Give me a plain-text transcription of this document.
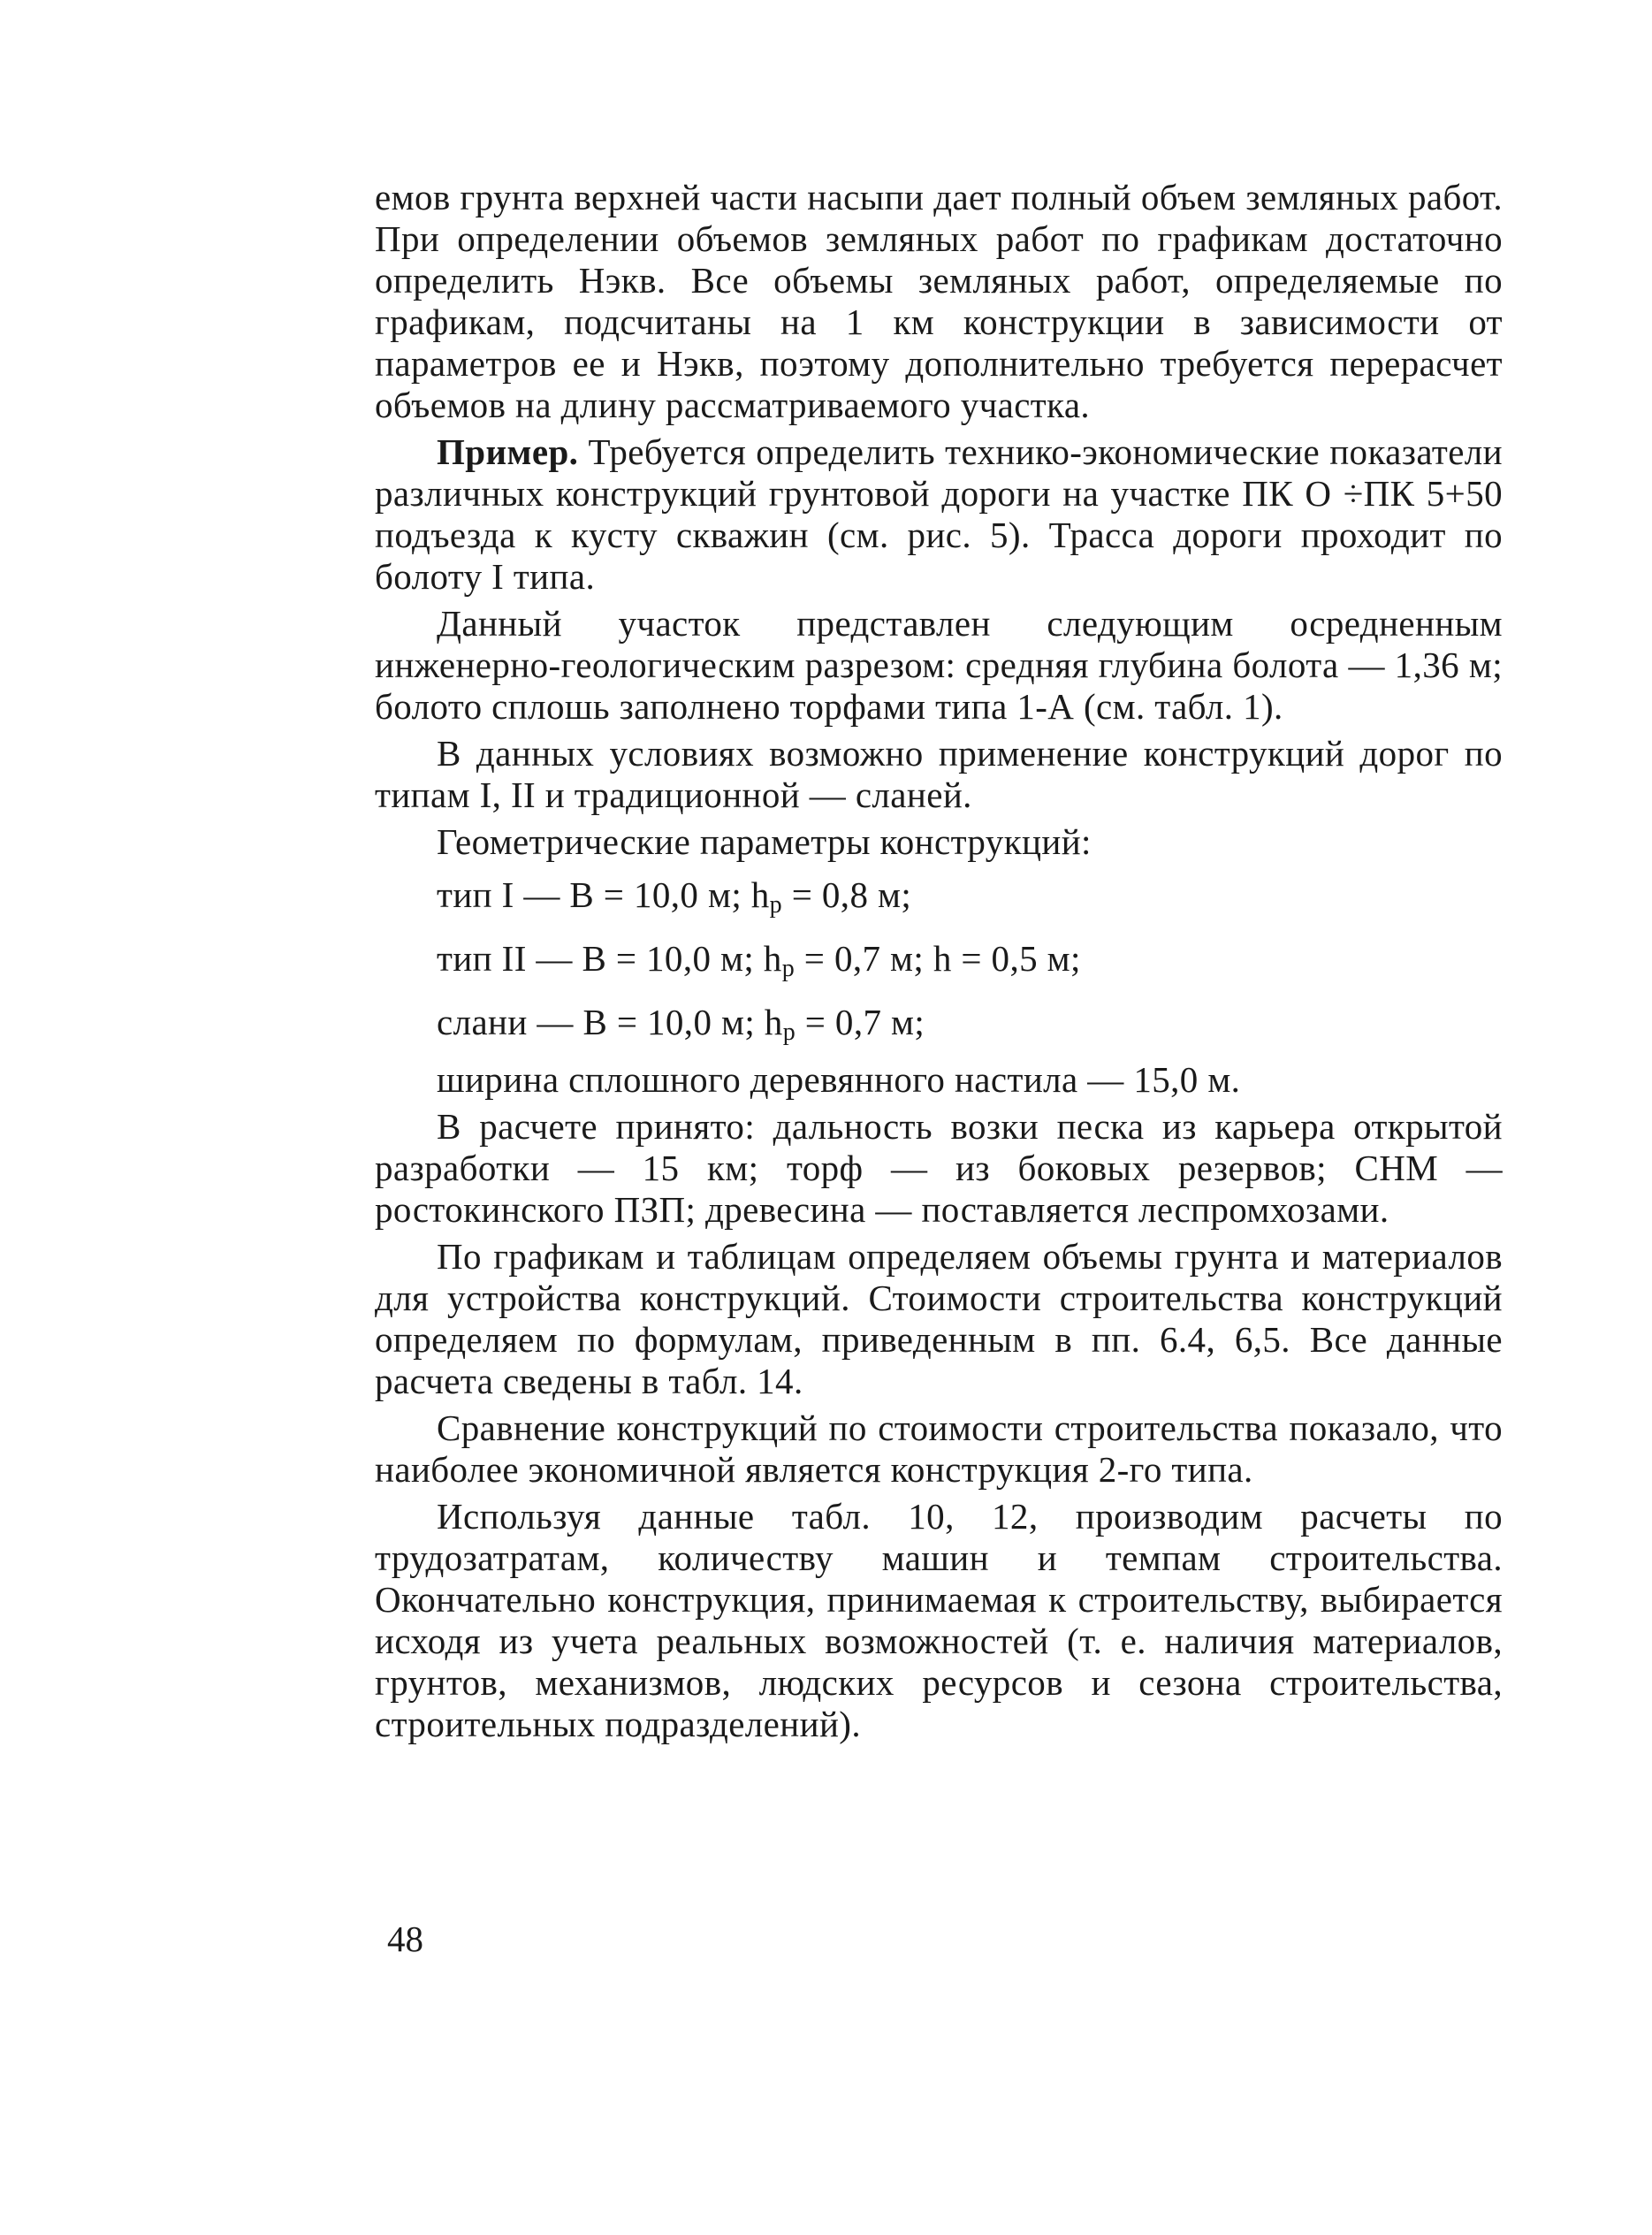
емов грунта верхней части насыпи дает полный объем земляных работ. При определении объемов земляных работ по графикам достаточно определить Нэкв. Все объемы земляных работ, определяемые по графикам, подсчитаны на 1 км конструкции в зависимости от параметров ее и Нэкв, поэтому дополнительно требуется перерасчет объемов на длину рассматриваемого участка.

Пример. Требуется определить технико-экономические показатели различных конструкций грунтовой дороги на участке ПК О ÷ПК 5+50 подъезда к кусту скважин (см. рис. 5). Трасса дороги проходит по болоту I типа.

Данный участок представлен следующим осредненным инженерно-геологическим разрезом: средняя глубина болота — 1,36 м; болото сплошь заполнено торфами типа 1-А (см. табл. 1).

В данных условиях возможно применение конструкций дорог по типам I, II и традиционной — сланей.

Геометрические параметры конструкций:

тип I — В = 10,0 м; $h_р = 0,8$ м;
тип II — В = 10,0 м; $h_р = 0,7$ м; h = 0,5 м;
слани — В = 10,0 м; $h_р = 0,7$ м;

ширина сплошного деревянного настила — 15,0 м.

В расчете принято: дальность возки песка из карьера открытой разработки — 15 км; торф — из боковых резервов; СНМ — ростокинского ПЗП; древесина — поставляется леспромхозами.

По графикам и таблицам определяем объемы грунта и материалов для устройства конструкций. Стоимости строительства конструкций определяем по формулам, приведенным в пп. 6.4, 6,5. Все данные расчета сведены в табл. 14.

Сравнение конструкций по стоимости строительства показало, что наиболее экономичной является конструкция 2-го типа.

Используя данные табл. 10, 12, производим расчеты по трудозатратам, количеству машин и темпам строительства. Окончательно конструкция, принимаемая к строительству, выбирается исходя из учета реальных возможностей (т. е. наличия материалов, грунтов, механизмов, людских ресурсов и сезона строительства, строительных подразделений).

48
